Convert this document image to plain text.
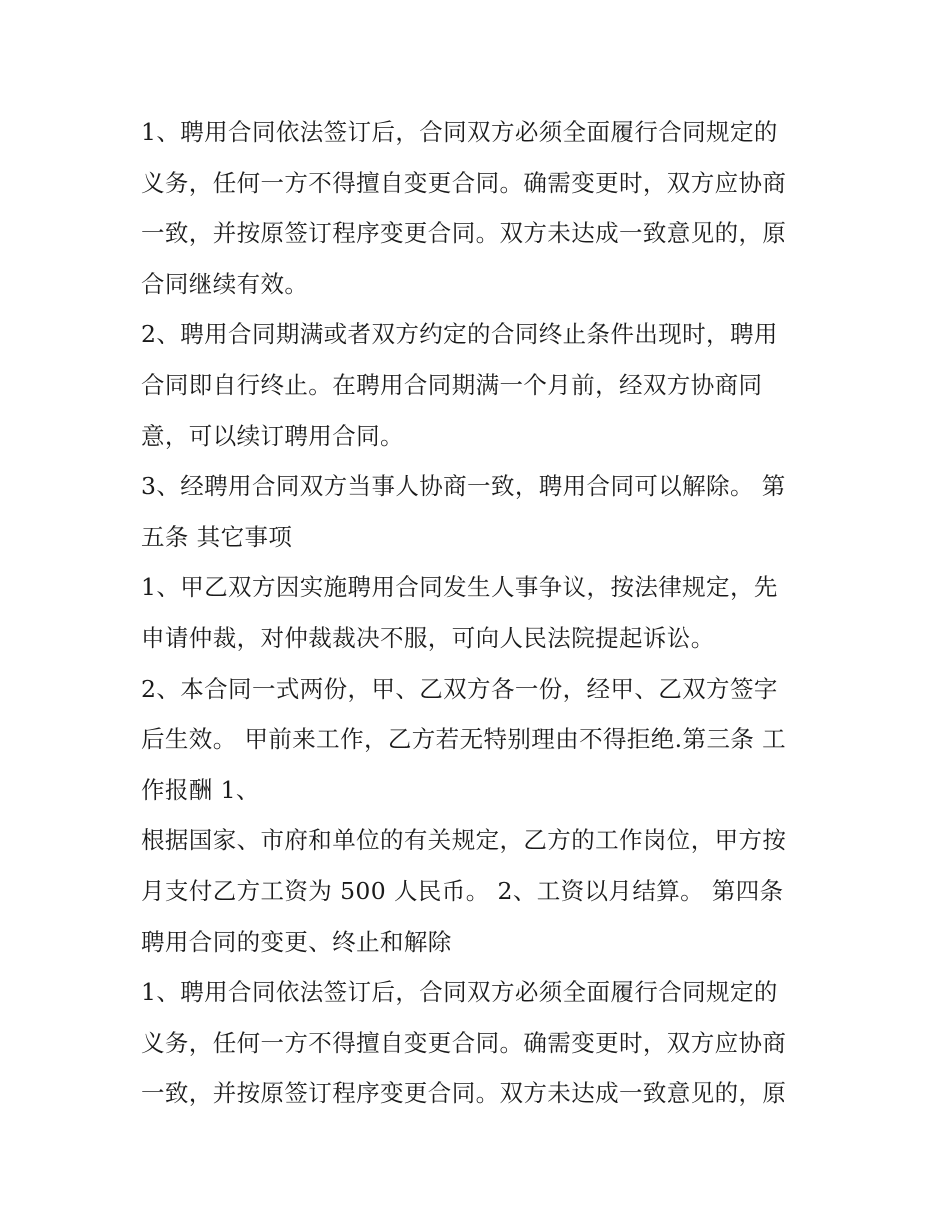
1、聘用合同依法签订后，合同双方必须全面履行合同规定的
义务，任何一方不得擅自变更合同。确需变更时，双方应协商
一致，并按原签订程序变更合同。双方未达成一致意见的，原
合同继续有效。
2、聘用合同期满或者双方约定的合同终止条件出现时，聘用
合同即自行终止。在聘用合同期满一个月前，经双方协商同
意，可以续订聘用合同。
3、经聘用合同双方当事人协商一致，聘用合同可以解除。 第
五条 其它事项
1、甲乙双方因实施聘用合同发生人事争议，按法律规定，先
申请仲裁，对仲裁裁决不服，可向人民法院提起诉讼。
2、本合同一式两份，甲、乙双方各一份，经甲、乙双方签字
后生效。 甲前来工作，乙方若无特别理由不得拒绝.第三条 工
作报酬 1、
根据国家、市府和单位的有关规定，乙方的工作岗位，甲方按
月支付乙方工资为 500 人民币。 2、工资以月结算。 第四条
聘用合同的变更、终止和解除
1、聘用合同依法签订后，合同双方必须全面履行合同规定的
义务，任何一方不得擅自变更合同。确需变更时，双方应协商
一致，并按原签订程序变更合同。双方未达成一致意见的，原
